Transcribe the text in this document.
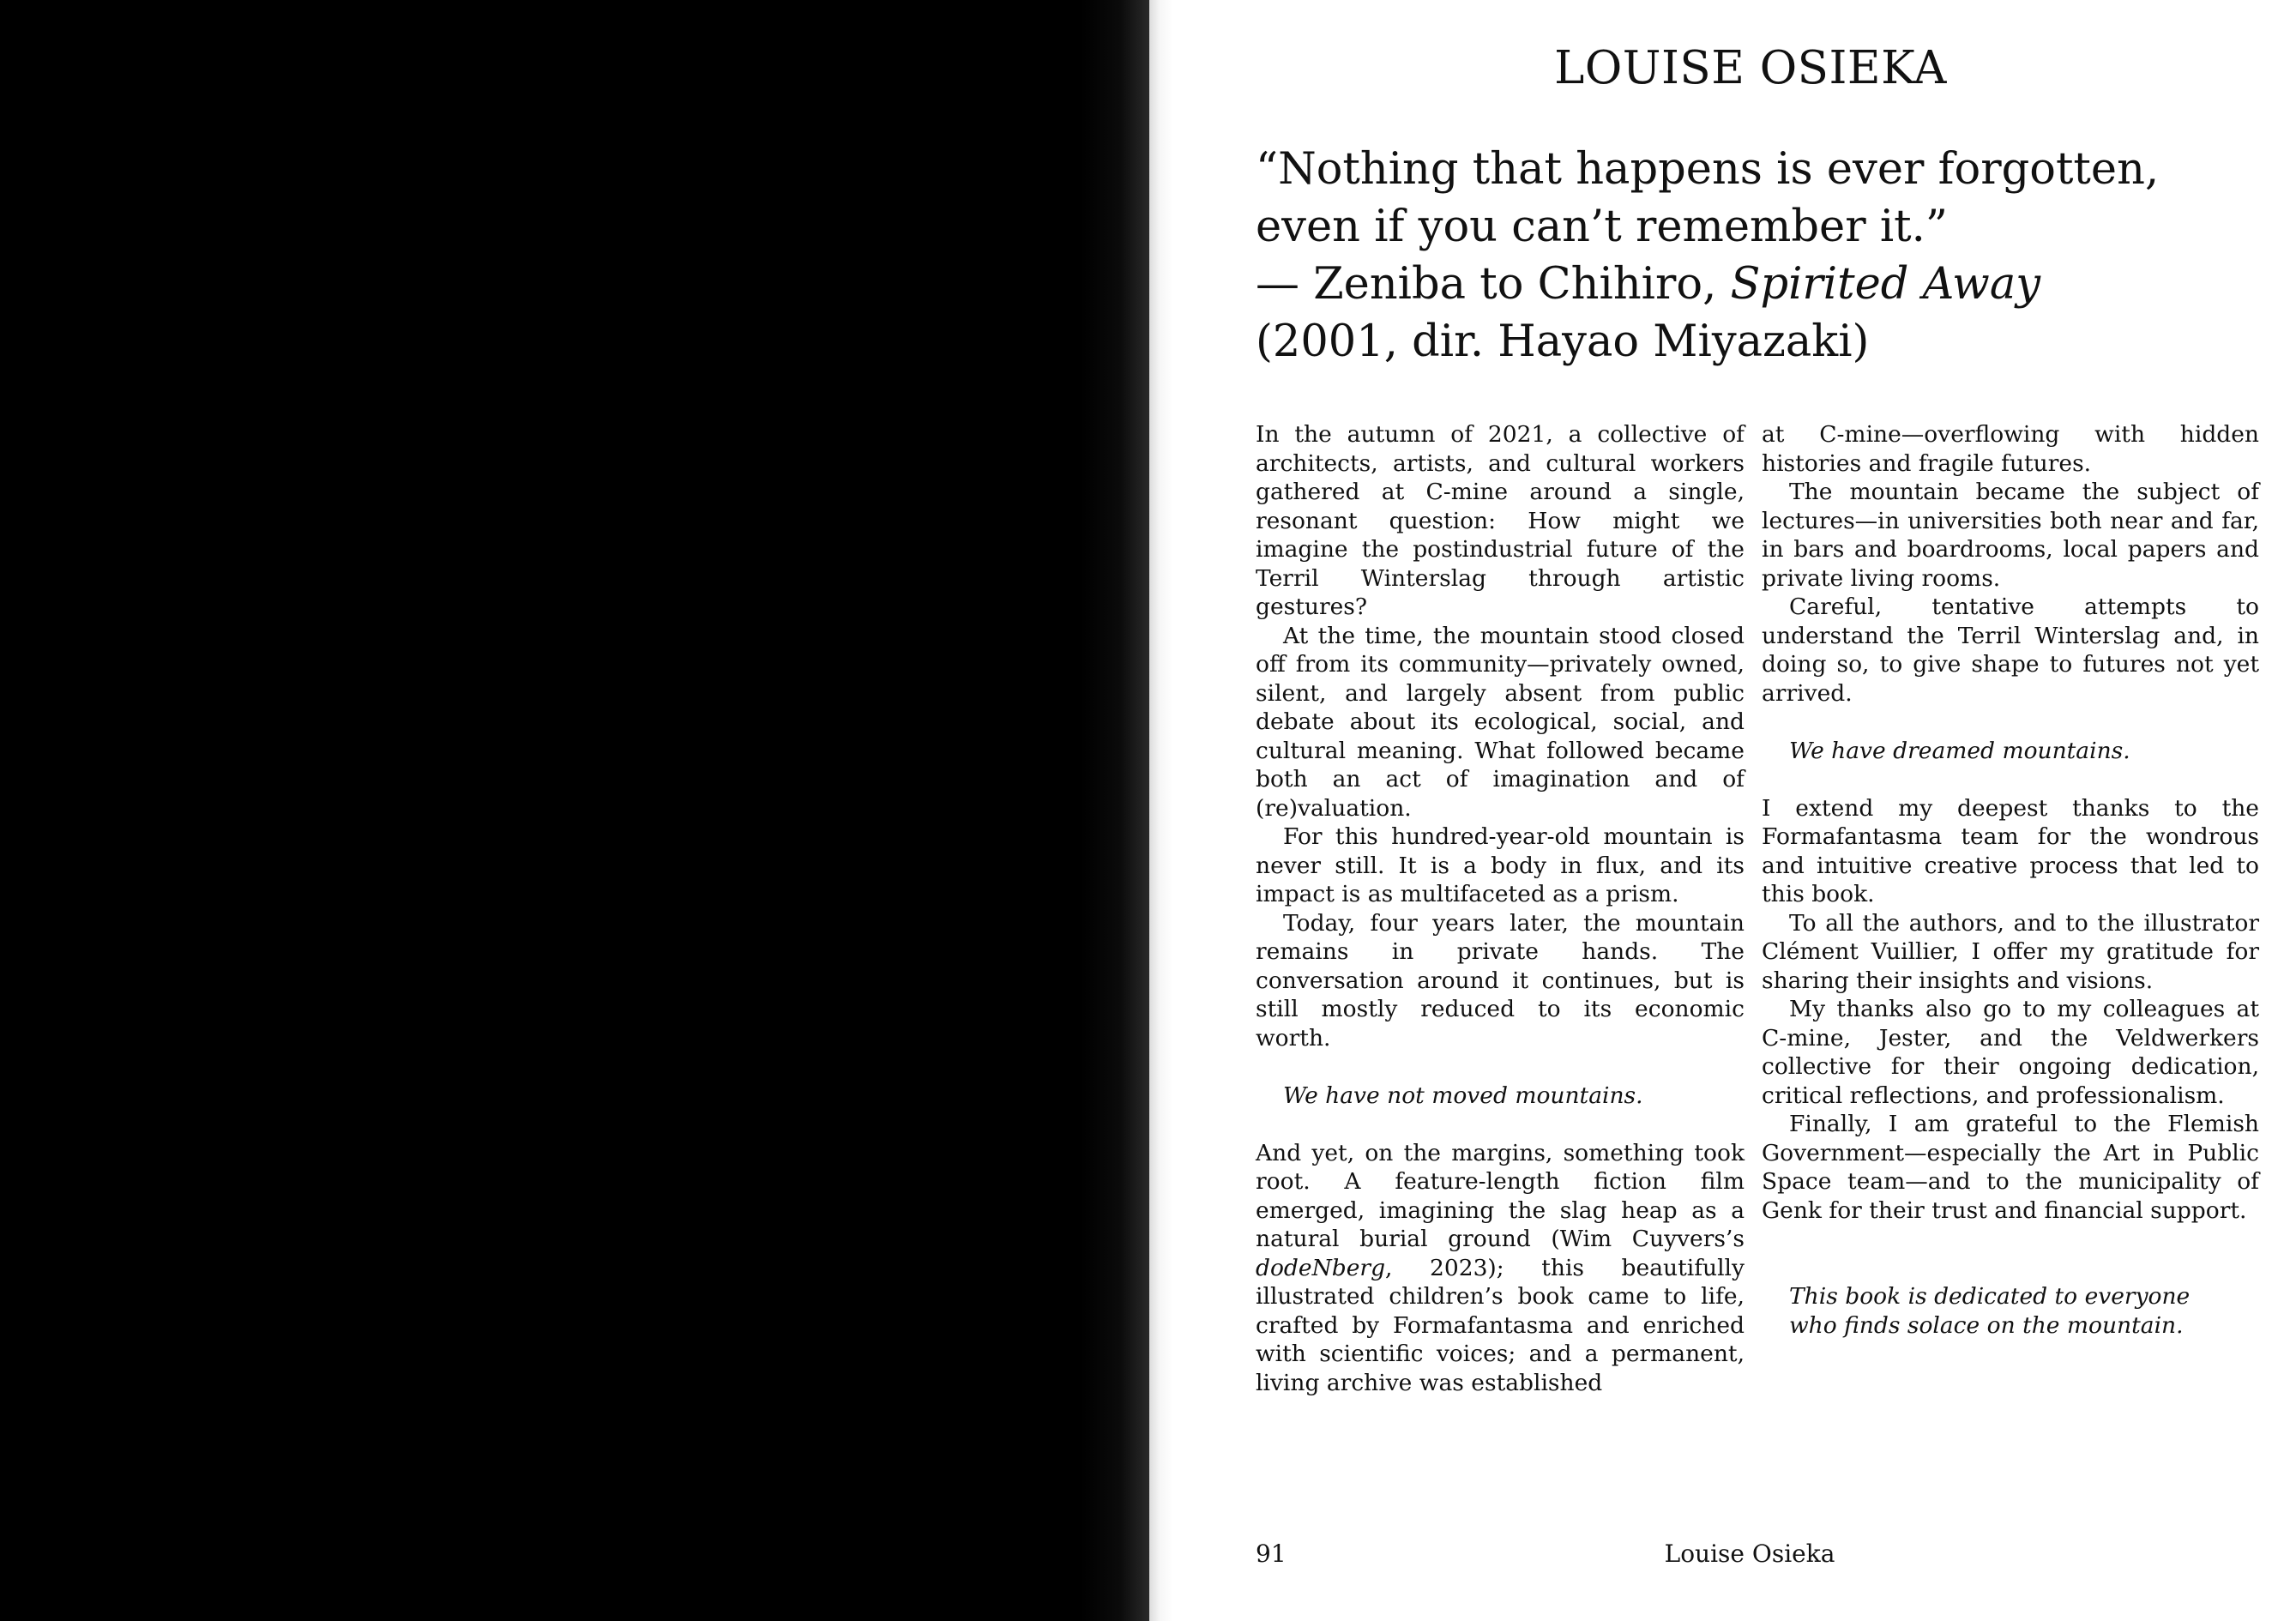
LOUISE OSIEKA
“Nothing that happens is ever forgotten,
even if you can’t remember it.”
— Zeniba to Chihiro, Spirited Away
(2001, dir. Hayao Miyazaki)

In the autumn of 2021, a collective of architects, artists, and cultural workers gathered at C-mine around a single, resonant question: How might we imagine the postindustrial future of the Terril Winterslag through artistic gestures?

At the time, the mountain stood closed off from its community—privately owned, silent, and largely absent from public debate about its ecological, social, and cultural meaning. What followed became both an act of imagination and of (re)valuation.

For this hundred-year-old mountain is never still. It is a body in flux, and its impact is as multifaceted as a prism.

Today, four years later, the mountain remains in private hands. The conversation around it continues, but is still mostly reduced to its economic worth.

We have not moved mountains.

And yet, on the margins, something took root. A feature-length fiction film emerged, imagining the slag heap as a natural burial ground (Wim Cuyvers’s dodeNberg, 2023); this beautifully illustrated children’s book came to life, crafted by Formafantasma and enriched with scientific voices; and a permanent, living archive was established

at C-mine—overflowing with hidden histories and fragile futures.

The mountain became the subject of lectures—in universities both near and far, in bars and boardrooms, local papers and private living rooms.

Careful, tentative attempts to understand the Terril Winterslag and, in doing so, to give shape to futures not yet arrived.

We have dreamed mountains.

I extend my deepest thanks to the Formafantasma team for the wondrous and intuitive creative process that led to this book.

To all the authors, and to the illustrator Clément Vuillier, I offer my gratitude for sharing their insights and visions.

My thanks also go to my colleagues at C-mine, Jester, and the Veldwerkers collective for their ongoing dedication, critical reflections, and professionalism.

Finally, I am grateful to the Flemish Government—especially the Art in Public Space team—and to the municipality of Genk for their trust and financial support.

This book is dedicated to everyone
who finds solace on the mountain.

91	Louise Osieka
